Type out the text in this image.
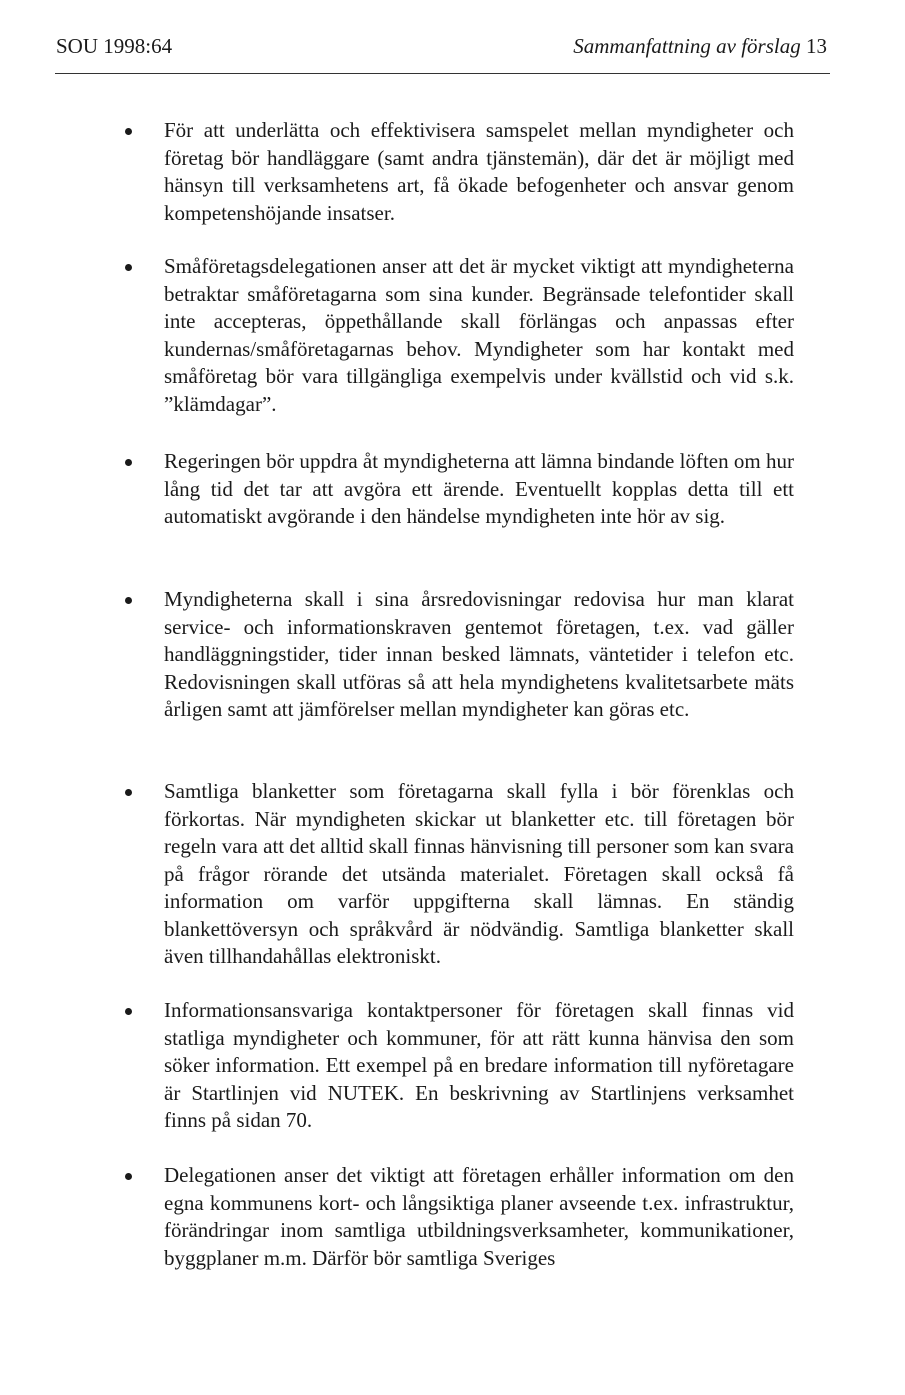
SOU 1998:64	Sammanfattning av förslag 13
För att underlätta och effektivisera samspelet mellan myndigheter och företag bör handläggare (samt andra tjänstemän), där det är möjligt med hänsyn till verksamhetens art, få ökade befogenheter och ansvar genom kompetenshöjande insatser.
Småföretagsdelegationen anser att det är mycket viktigt att myndigheterna betraktar småföretagarna som sina kunder. Begränsade telefontider skall inte accepteras, öppethållande skall förlängas och anpassas efter kundernas/småföretagarnas behov. Myndigheter som har kontakt med småföretag bör vara tillgängliga exempelvis under kvällstid och vid s.k. ”klämdagar”.
Regeringen bör uppdra åt myndigheterna att lämna bindande löften om hur lång tid det tar att avgöra ett ärende. Eventuellt kopplas detta till ett automatiskt avgörande i den händelse myndigheten inte hör av sig.
Myndigheterna skall i sina årsredovisningar redovisa hur man klarat service- och informationskraven gentemot företagen, t.ex. vad gäller handläggningstider, tider innan besked lämnats, väntetider i telefon etc. Redovisningen skall utföras så att hela myndighetens kvalitetsarbete mäts årligen samt att jämförelser mellan myndigheter kan göras etc.
Samtliga blanketter som företagarna skall fylla i bör förenklas och förkortas. När myndigheten skickar ut blanketter etc. till företagen bör regeln vara att det alltid skall finnas hänvisning till personer som kan svara på frågor rörande det utsända materialet. Företagen skall också få information om varför uppgifterna skall lämnas. En ständig blankettöversyn och språkvård är nödvändig. Samtliga blanketter skall även tillhandahållas elektroniskt.
Informationsansvariga kontaktpersoner för företagen skall finnas vid statliga myndigheter och kommuner, för att rätt kunna hänvisa den som söker information. Ett exempel på en bredare information till nyföretagare är Startlinjen vid NUTEK. En beskrivning av Startlinjens verksamhet finns på sidan 70.
Delegationen anser det viktigt att företagen erhåller information om den egna kommunens kort- och långsiktiga planer avseende t.ex. infrastruktur, förändringar inom samtliga utbildningsverksamheter, kommunikationer, byggplaner m.m. Därför bör samtliga Sveriges
